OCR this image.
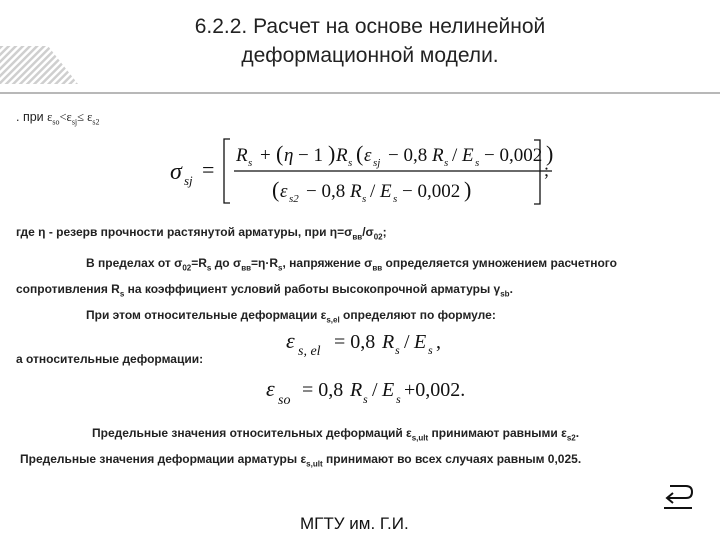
6.2.2. Расчет на основе нелинейной
деформационной модели.
. при $\varepsilon_{so}<\varepsilon_{sj}\le \varepsilon_{s2}$
σ sj =
R s + ( η − 1 ) R s ( ε sj − 0,8 R s / E s − 0,002 )
( ε s2 − 0,8 R s / E s − 0,002 )
;
где η - резерв прочности растянутой арматуры, при $\eta=\sigma_{вв}/\sigma_{02}$;
В пределах от $\sigma_{02}=R_s$ до $\sigma_{вв}=\eta\cdot R_s$, напряжение $\sigma_{вв}$ определяется умножением расчетного
сопротивления $R_s$ на коэффициент условий работы высокопрочной арматуры $\gamma_{sb}$.
При этом относительные деформации $\varepsilon_{s,el}$ определяют по формуле:
ε s, el = 0,8 R s / E s ,
а относительные деформации:
ε so = 0,8 R s / E s +0,002.
Предельные значения относительных деформаций $\varepsilon_{s,ult}$ принимают равными $\varepsilon_{s2}$.
Предельные значения деформации арматуры $\varepsilon_{s,ult}$ принимают во всех случаях равным 0,025.
МГТУ им. Г.И.
